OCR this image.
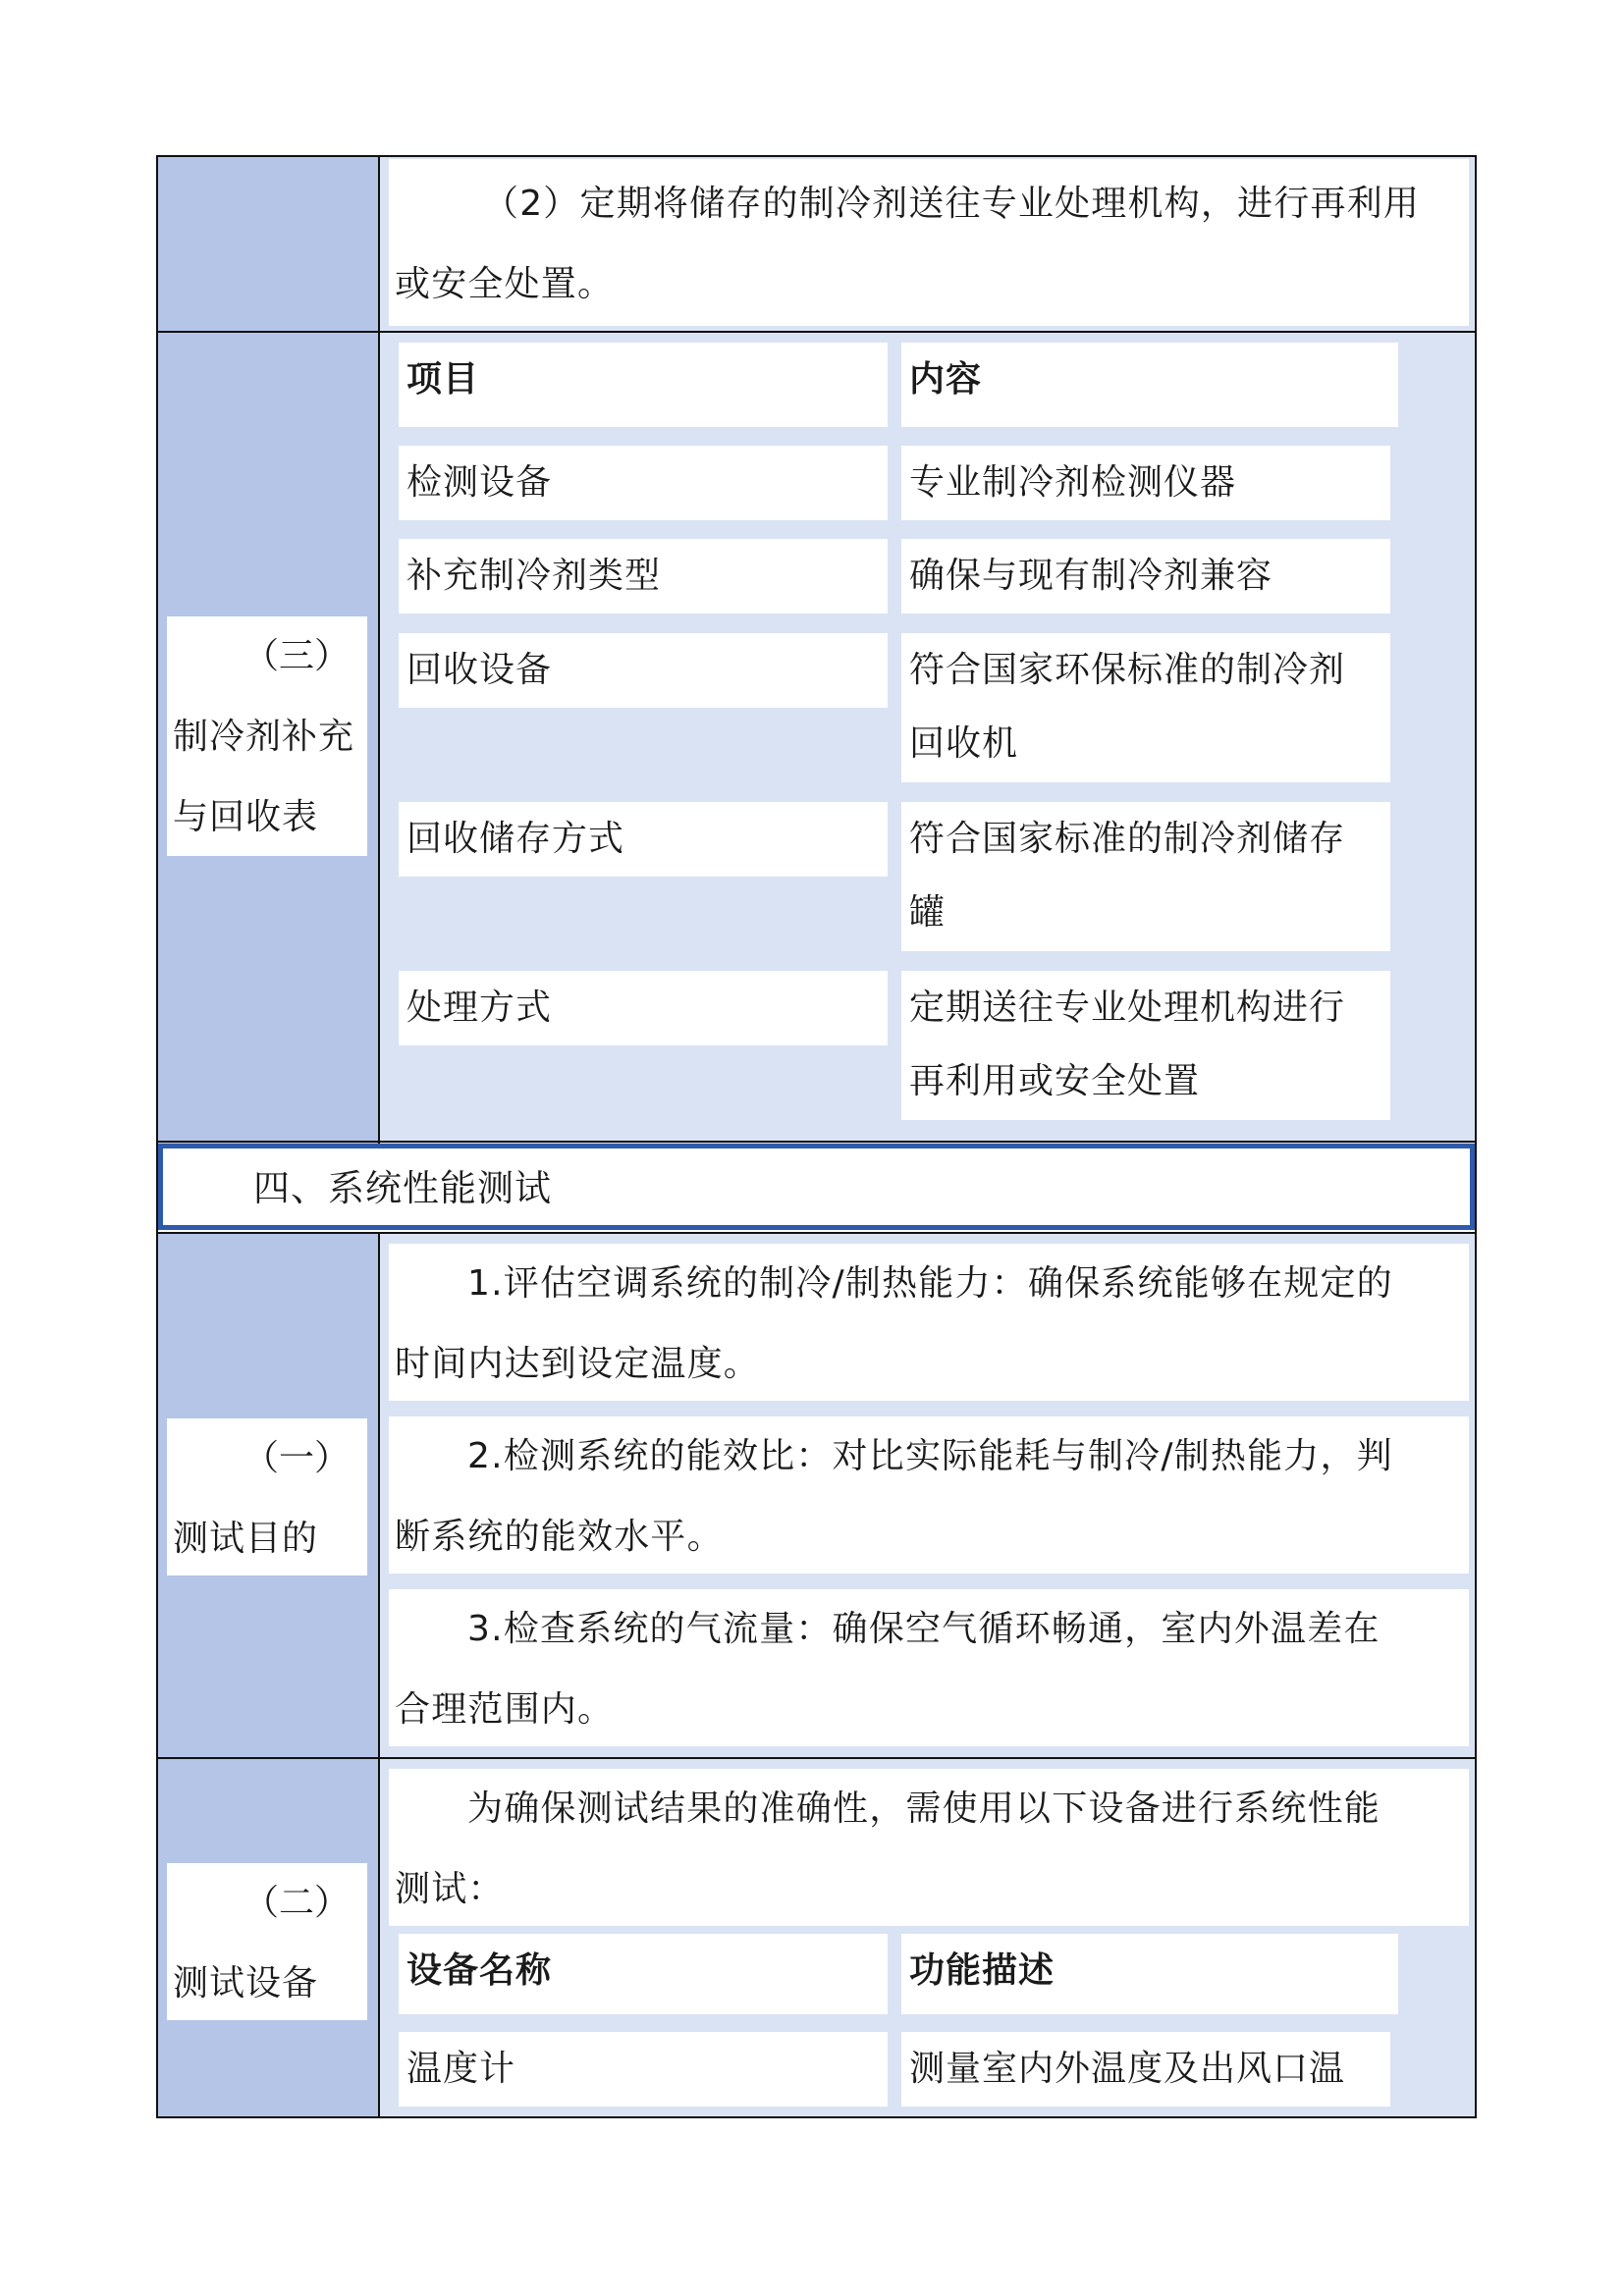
（2）定期将储存的制冷剂送往专业处理机构，进行再利用
或安全处置。
（三）
制冷剂补充
与回收表
项目	内容
检测设备	专业制冷剂检测仪器
补充制冷剂类型	确保与现有制冷剂兼容
回收设备	符合国家环保标准的制冷剂
回收机
回收储存方式	符合国家标准的制冷剂储存
罐
处理方式	定期送往专业处理机构进行
再利用或安全处置
四、系统性能测试
（一）
测试目的
1.评估空调系统的制冷/制热能力：确保系统能够在规定的
时间内达到设定温度。
2.检测系统的能效比：对比实际能耗与制冷/制热能力，判
断系统的能效水平。
3.检查系统的气流量：确保空气循环畅通，室内外温差在
合理范围内。
（二）
测试设备
为确保测试结果的准确性，需使用以下设备进行系统性能
测试：
设备名称	功能描述
温度计	测量室内外温度及出风口温
